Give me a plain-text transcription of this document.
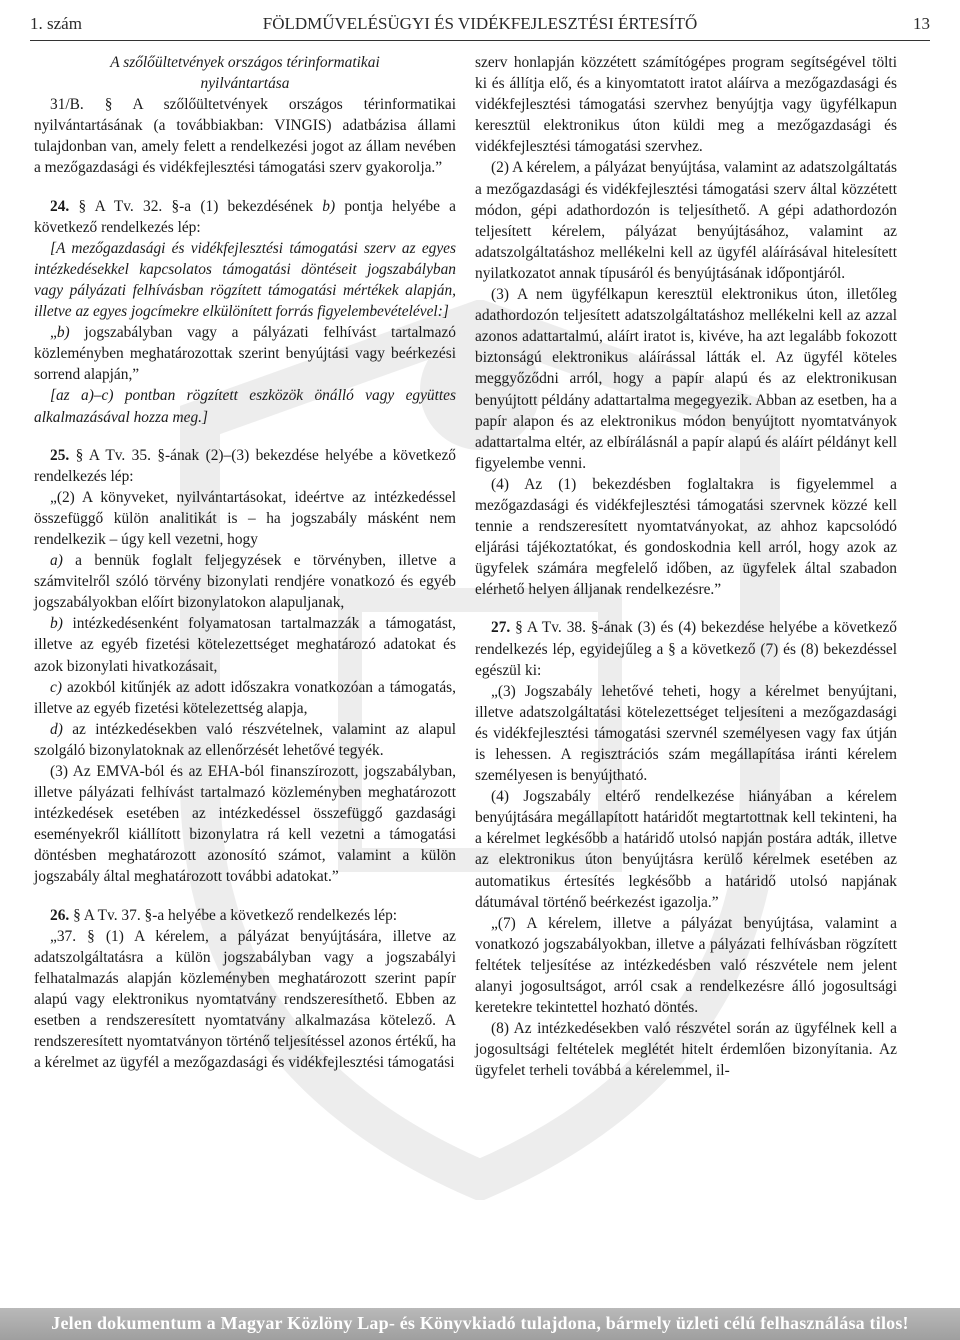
1. szám	FÖLDMŰVELÉSÜGYI ÉS VIDÉKFEJLESZTÉSI ÉRTESÍTŐ	13

A szőlőültetvények országos térinformatikai

nyilvántartása

31/B. § A szőlőültetvények országos térinformatikai nyilvántartásának (a továbbiakban: VINGIS) adatbázisa állami tulajdonban van, amely felett a rendelkezési jogot az állam nevében a mezőgazdasági és vidékfejlesztési támogatási szerv gyakorolja.”

24. § A Tv. 32. §-a (1) bekezdésének b) pontja helyébe a következő rendelkezés lép:

[A mezőgazdasági és vidékfejlesztési támogatási szerv az egyes intézkedésekkel kapcsolatos támogatási döntéseit jogszabályban vagy pályázati felhívásban rögzített támogatási mértékek alapján, illetve az egyes jogcímekre elkülönített forrás figyelembevételével:]

„b) jogszabályban vagy a pályázati felhívást tartalmazó közleményben meghatározottak szerint benyújtási vagy beérkezési sorrend alapján,”

[az a)–c) pontban rögzített eszközök önálló vagy együttes alkalmazásával hozza meg.]

25. § A Tv. 35. §-ának (2)–(3) bekezdése helyébe a következő rendelkezés lép:

„(2) A könyveket, nyilvántartásokat, ideértve az intézkedéssel összefüggő külön analitikát is – ha jogszabály másként nem rendelkezik – úgy kell vezetni, hogy

a) a bennük foglalt feljegyzések e törvényben, illetve a számvitelről szóló törvény bizonylati rendjére vonatkozó és egyéb jogszabályokban előírt bizonylatokon alapuljanak,

b) intézkedésenként folyamatosan tartalmazzák a támogatást, illetve az egyéb fizetési kötelezettséget meghatározó adatokat és azok bizonylati hivatkozásait,

c) azokból kitűnjék az adott időszakra vonatkozóan a támogatás, illetve az egyéb fizetési kötelezettség alapja,

d) az intézkedésekben való részvételnek, valamint az alapul szolgáló bizonylatoknak az ellenőrzését lehetővé tegyék.

(3) Az EMVA-ból és az EHA-ból finanszírozott, jogszabályban, illetve pályázati felhívást tartalmazó közleményben meghatározott intézkedések esetében az intézkedéssel összefüggő gazdasági eseményekről kiállított bizonylatra rá kell vezetni a támogatási döntésben meghatározott azonosító számot, valamint a külön jogszabály által meghatározott további adatokat.”

26. § A Tv. 37. §-a helyébe a következő rendelkezés lép:

„37. § (1) A kérelem, a pályázat benyújtására, illetve az adatszolgáltatásra a külön jogszabályban vagy a jogszabályi felhatalmazás alapján közleményben meghatározott szerint papír alapú vagy elektronikus nyomtatvány rendszeresíthető. Ebben az esetben a rendszeresített nyomtatvány alkalmazása kötelező. A rendszeresített nyomtatványon történő teljesítéssel azonos értékű, ha a kérelmet az ügyfél a mezőgazdasági és vidékfejlesztési támogatási

szerv honlapján közzétett számítógépes program segítségével tölti ki és állítja elő, és a kinyomtatott iratot aláírva a mezőgazdasági és vidékfejlesztési támogatási szervhez benyújtja vagy ügyfélkapun keresztül elektronikus úton küldi meg a mezőgazdasági és vidékfejlesztési támogatási szervhez.

(2) A kérelem, a pályázat benyújtása, valamint az adatszolgáltatás a mezőgazdasági és vidékfejlesztési támogatási szerv által közzétett módon, gépi adathordozón is teljesíthető. A gépi adathordozón teljesített kérelem, pályázat benyújtásához, valamint az adatszolgáltatáshoz mellékelni kell az ügyfél aláírásával hitelesített nyilatkozatot annak típusáról és benyújtásának időpontjáról.

(3) A nem ügyfélkapun keresztül elektronikus úton, illetőleg adathordozón teljesített adatszolgáltatáshoz mellékelni kell az azzal azonos adattartalmú, aláírt iratot is, kivéve, ha azt legalább fokozott biztonságú elektronikus aláírással látták el. Az ügyfél köteles meggyőződni arról, hogy a papír alapú és az elektronikusan benyújtott példány adattartalma megegyezik. Abban az esetben, ha a papír alapon és az elektronikus módon benyújtott nyomtatványok adattartalma eltér, az elbírálásnál a papír alapú és aláírt példányt kell figyelembe venni.

(4) Az (1) bekezdésben foglaltakra is figyelemmel a mezőgazdasági és vidékfejlesztési támogatási szervnek közzé kell tennie a rendszeresített nyomtatványokat, az ahhoz kapcsolódó eljárási tájékoztatókat, és gondoskodnia kell arról, hogy azok az ügyfelek számára megfelelő időben, az ügyfelek által szabadon elérhető helyen álljanak rendelkezésre.”

27. § A Tv. 38. §-ának (3) és (4) bekezdése helyébe a következő rendelkezés lép, egyidejűleg a § a következő (7) és (8) bekezdéssel egészül ki:

„(3) Jogszabály lehetővé teheti, hogy a kérelmet benyújtani, illetve adatszolgáltatási kötelezettséget teljesíteni a mezőgazdasági és vidékfejlesztési támogatási szervnél személyesen vagy fax útján is lehessen. A regisztrációs szám megállapítása iránti kérelem személyesen is benyújtható.

(4) Jogszabály eltérő rendelkezése hiányában a kérelem benyújtására megállapított határidőt megtartottnak kell tekinteni, ha a kérelmet legkésőbb a határidő utolsó napján postára adták, illetve az elektronikus úton benyújtásra kerülő kérelmek esetében az automatikus értesítés legkésőbb a határidő utolsó napjának dátumával történő beérkezést igazolja.”

„(7) A kérelem, illetve a pályázat benyújtása, valamint a vonatkozó jogszabályokban, illetve a pályázati felhívásban rögzített feltétek teljesítése az intézkedésben való részvétele nem jelent alanyi jogosultságot, arról csak a rendelkezésre álló jogosultsági keretekre tekintettel hozható döntés.

(8) Az intézkedésekben való részvétel során az ügyfélnek kell a jogosultsági feltételek meglétét hitelt érdemlően bizonyítania. Az ügyfelet terheli továbbá a kérelemmel, il-

Jelen dokumentum a Magyar Közlöny Lap- és Könyvkiadó tulajdona, bármely üzleti célú felhasználása tilos!
